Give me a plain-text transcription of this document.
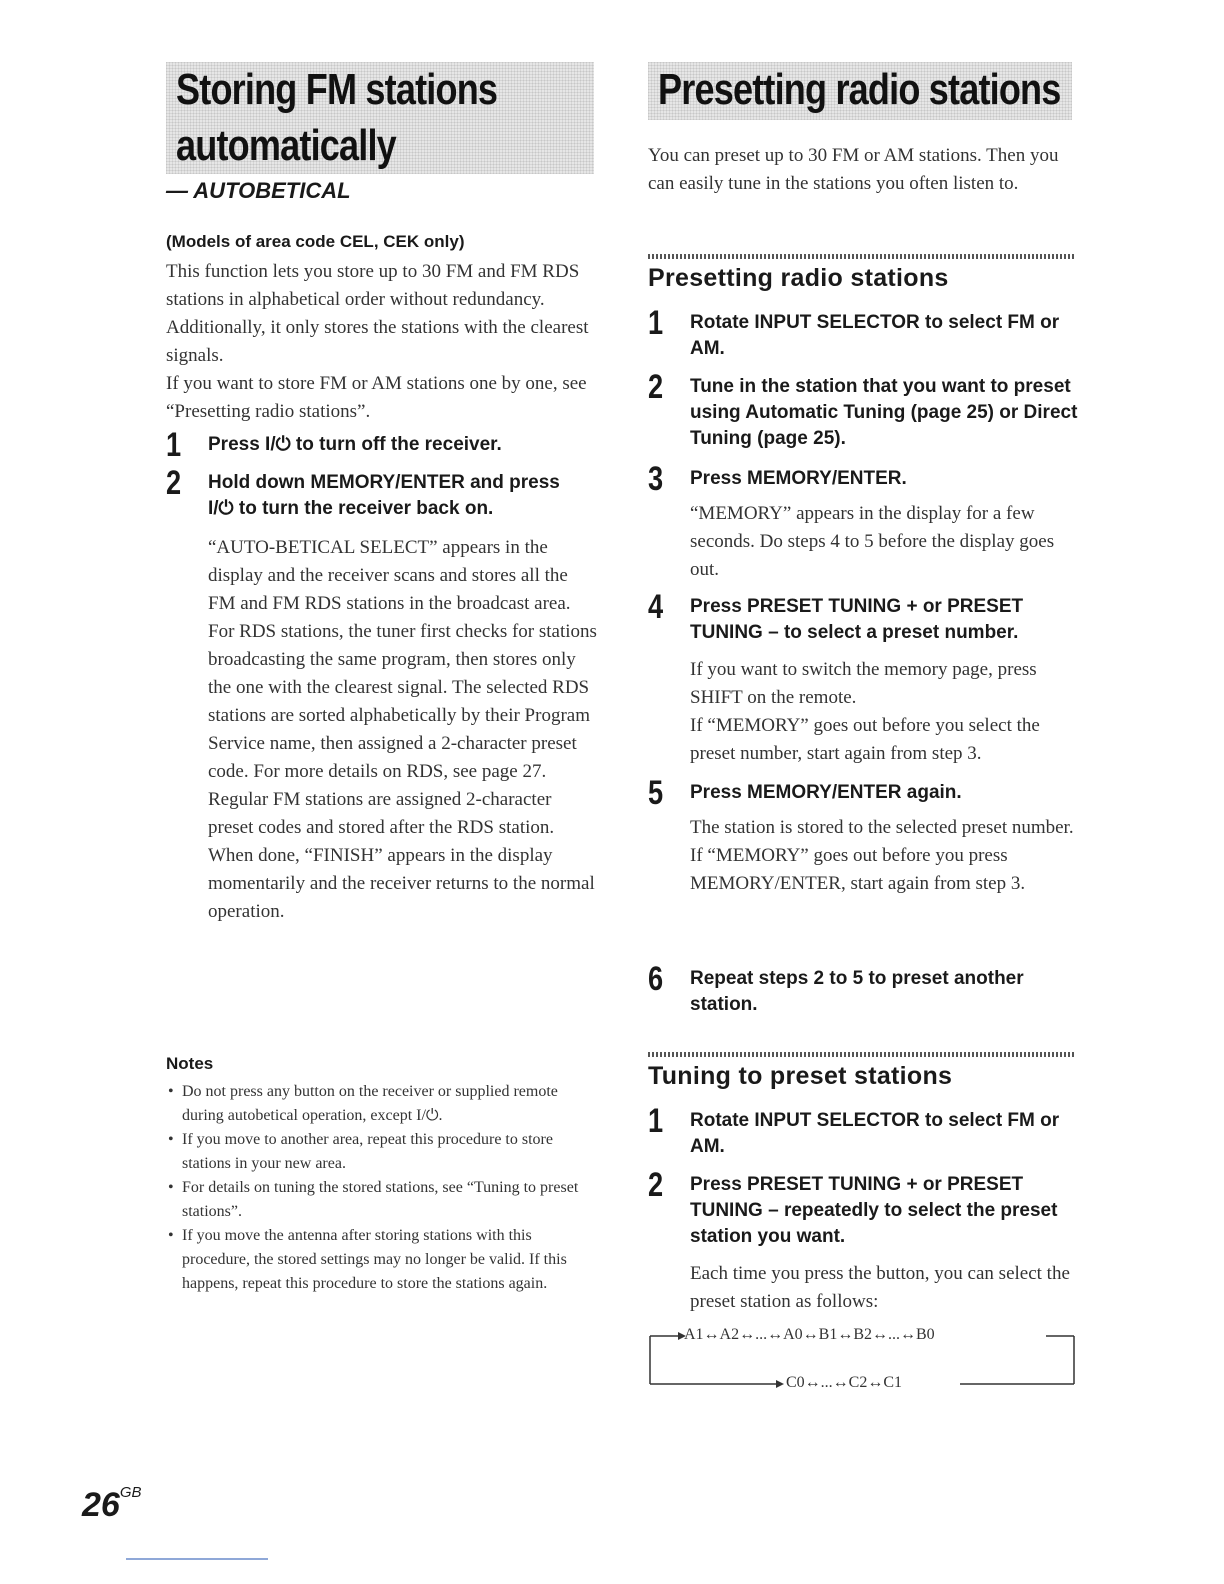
Storing FM stations
automatically
— AUTOBETICAL
(Models of area code CEL, CEK only)

This function lets you store up to 30 FM and FM RDS stations in alphabetical order without redundancy. Additionally, it only stores the stations with the clearest signals.

If you want to store FM or AM stations one by one, see “Presetting radio stations”.

1 Press I/⏻ to turn off the receiver.
2 Hold down MEMORY/ENTER and press
I/⏻ to turn the receiver back on.

“AUTO-BETICAL SELECT” appears in the display and the receiver scans and stores all the FM and FM RDS stations in the broadcast area.

For RDS stations, the tuner first checks for stations broadcasting the same program, then stores only the one with the clearest signal. The selected RDS stations are sorted alphabetically by their Program Service name, then assigned a 2-character preset code. For more details on RDS, see page 27.

Regular FM stations are assigned 2-character preset codes and stored after the RDS station.

When done, “FINISH” appears in the display momentarily and the receiver returns to the normal operation.

Notes

• Do not press any button on the receiver or supplied remote during autobetical operation, except I/⏻.

• If you move to another area, repeat this procedure to store stations in your new area.

• For details on tuning the stored stations, see “Tuning to preset stations”.

• If you move the antenna after storing stations with this procedure, the stored settings may no longer be valid. If this happens, repeat this procedure to store the stations again.

Presetting radio stations
You can preset up to 30 FM or AM stations. Then you can easily tune in the stations you often listen to.
Presetting radio stations
1 Rotate INPUT SELECTOR to select FM or AM.
2 Tune in the station that you want to preset using Automatic Tuning (page 25) or Direct Tuning (page 25).
3 Press MEMORY/ENTER.

“MEMORY” appears in the display for a few seconds. Do steps 4 to 5 before the display goes out.

4 Press PRESET TUNING + or PRESET TUNING – to select a preset number.

If you want to switch the memory page, press SHIFT on the remote.

If “MEMORY” goes out before you select the preset number, start again from step 3.

5 Press MEMORY/ENTER again.

The station is stored to the selected preset number.

If “MEMORY” goes out before you press MEMORY/ENTER, start again from step 3.

6 Repeat steps 2 to 5 to preset another station.
Tuning to preset stations
1 Rotate INPUT SELECTOR to select FM or AM.
2 Press PRESET TUNING + or PRESET TUNING – repeatedly to select the preset station you want.

Each time you press the button, you can select the preset station as follows:

A1↔A2↔...↔A0↔B1↔B2↔...↔B0
C0↔...↔C2↔C1
$26^{GB}$
